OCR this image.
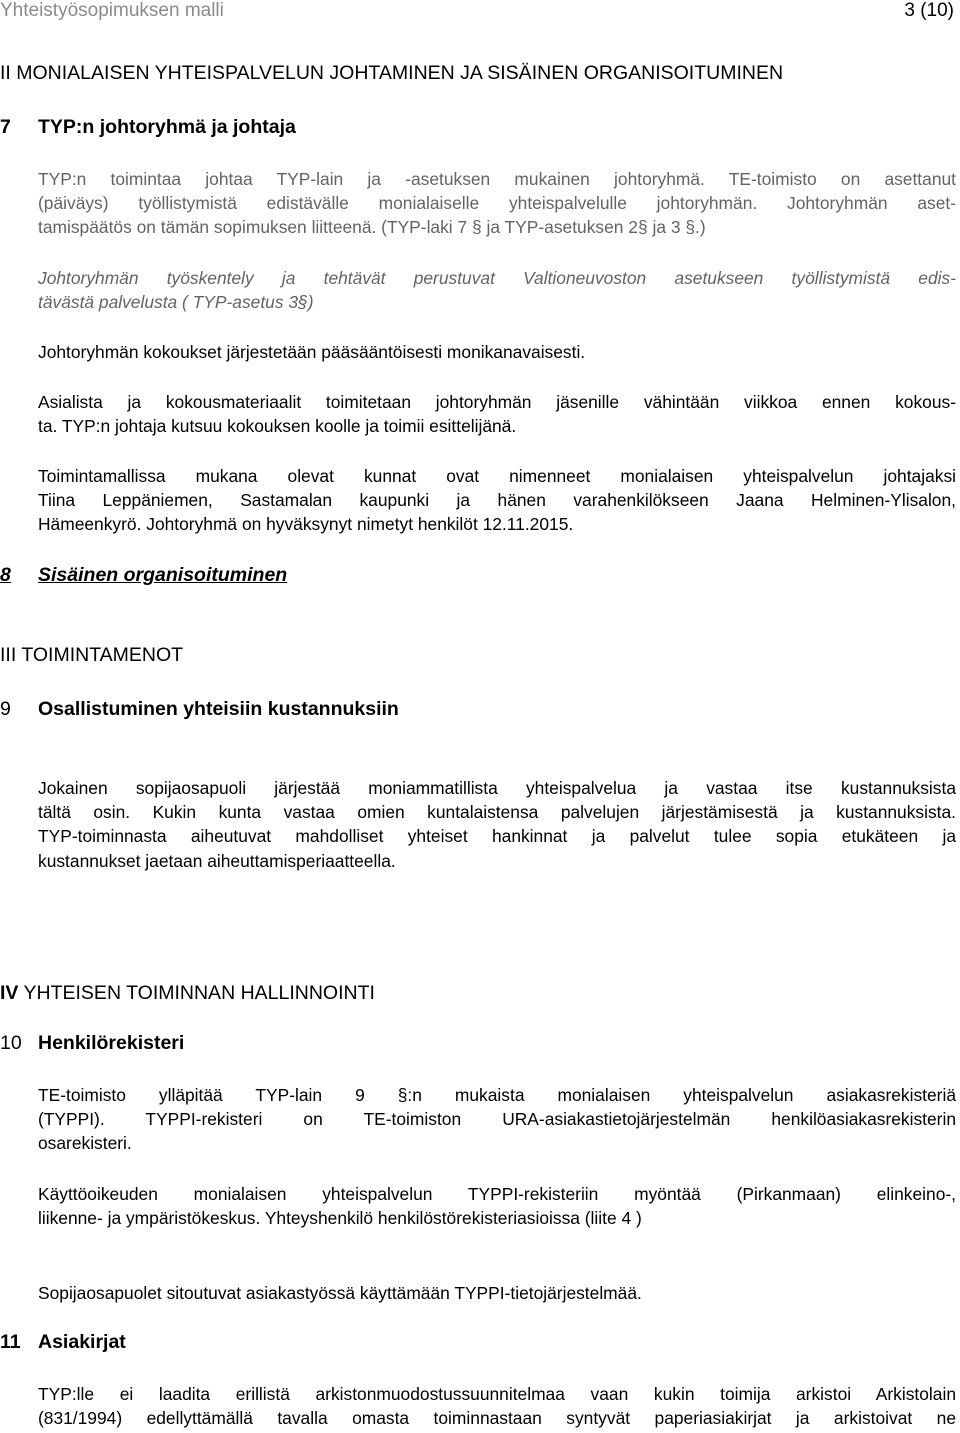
Yhteistyösopimuksen malli	3 (10)
II MONIALAISEN YHTEISPALVELUN JOHTAMINEN JA SISÄINEN ORGANISOITUMINEN
7 TYP:n johtoryhmä ja johtaja
TYP:n toimintaa johtaa TYP-lain ja -asetuksen mukainen johtoryhmä. TE-toimisto on asettanut
(päiväys) työllistymistä edistävälle monialaiselle yhteispalvelulle johtoryhmän. Johtoryhmän aset-
tamispäätös on tämän sopimuksen liitteenä. (TYP-laki 7 § ja TYP-asetuksen 2§ ja 3 §.)
Johtoryhmän työskentely ja tehtävät perustuvat Valtioneuvoston asetukseen työllistymistä edis-
tävästä palvelusta ( TYP-asetus 3§)
Johtoryhmän kokoukset järjestetään pääsääntöisesti monikanavaisesti.
Asialista ja kokousmateriaalit toimitetaan johtoryhmän jäsenille vähintään viikkoa ennen kokous-
ta. TYP:n johtaja kutsuu kokouksen koolle ja toimii esittelijänä.
Toimintamallissa mukana olevat kunnat ovat nimenneet monialaisen yhteispalvelun johtajaksi
Tiina Leppäniemen, Sastamalan kaupunki ja hänen varahenkilökseen Jaana Helminen-Ylisalon,
Hämeenkyrö. Johtoryhmä on hyväksynyt nimetyt henkilöt 12.11.2015.
8 Sisäinen organisoituminen
III TOIMINTAMENOT
9 Osallistuminen yhteisiin kustannuksiin
Jokainen sopijaosapuoli järjestää moniammatillista yhteispalvelua ja vastaa itse kustannuksista
tältä osin. Kukin kunta vastaa omien kuntalaistensa palvelujen järjestämisestä ja kustannuksista.
TYP-toiminnasta aiheutuvat mahdolliset yhteiset hankinnat ja palvelut tulee sopia etukäteen ja
kustannukset jaetaan aiheuttamisperiaatteella.
IV YHTEISEN TOIMINNAN HALLINNOINTI
10 Henkilörekisteri
TE-toimisto ylläpitää TYP-lain 9 §:n mukaista monialaisen yhteispalvelun asiakasrekisteriä
(TYPPI). TYPPI-rekisteri on TE-toimiston URA-asiakastietojärjestelmän henkilöasiakasrekisterin
osarekisteri.
Käyttöoikeuden monialaisen yhteispalvelun TYPPI-rekisteriin myöntää (Pirkanmaan) elinkeino-,
liikenne- ja ympäristökeskus. Yhteyshenkilö henkilöstörekisteriasioissa (liite 4 )
Sopijaosapuolet sitoutuvat asiakastyössä käyttämään TYPPI-tietojärjestelmää.
11 Asiakirjat
TYP:lle ei laadita erillistä arkistonmuodostussuunnitelmaa vaan kukin toimija arkistoi Arkistolain
(831/1994) edellyttämällä tavalla omasta toiminnastaan syntyvät paperiasiakirjat ja arkistoivat ne
